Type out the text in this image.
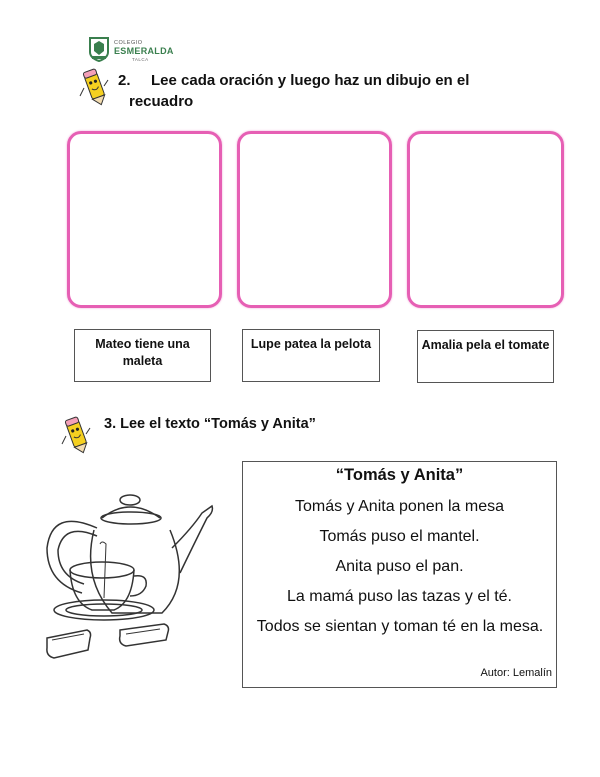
COLEGIO
ESMERALDA
TALCA
2. Lee cada oración y luego haz un dibujo en el
recuadro
Mateo tiene una maleta
Lupe patea la pelota	Amalia pela el tomate
3. Lee el texto “Tomás y Anita”
“Tomás y Anita”
Tomás y Anita ponen la mesa
Tomás puso el mantel.
Anita puso el pan.
La mamá puso las tazas y el té.
Todos se sientan y toman té en la mesa.
Autor: Lemalín
